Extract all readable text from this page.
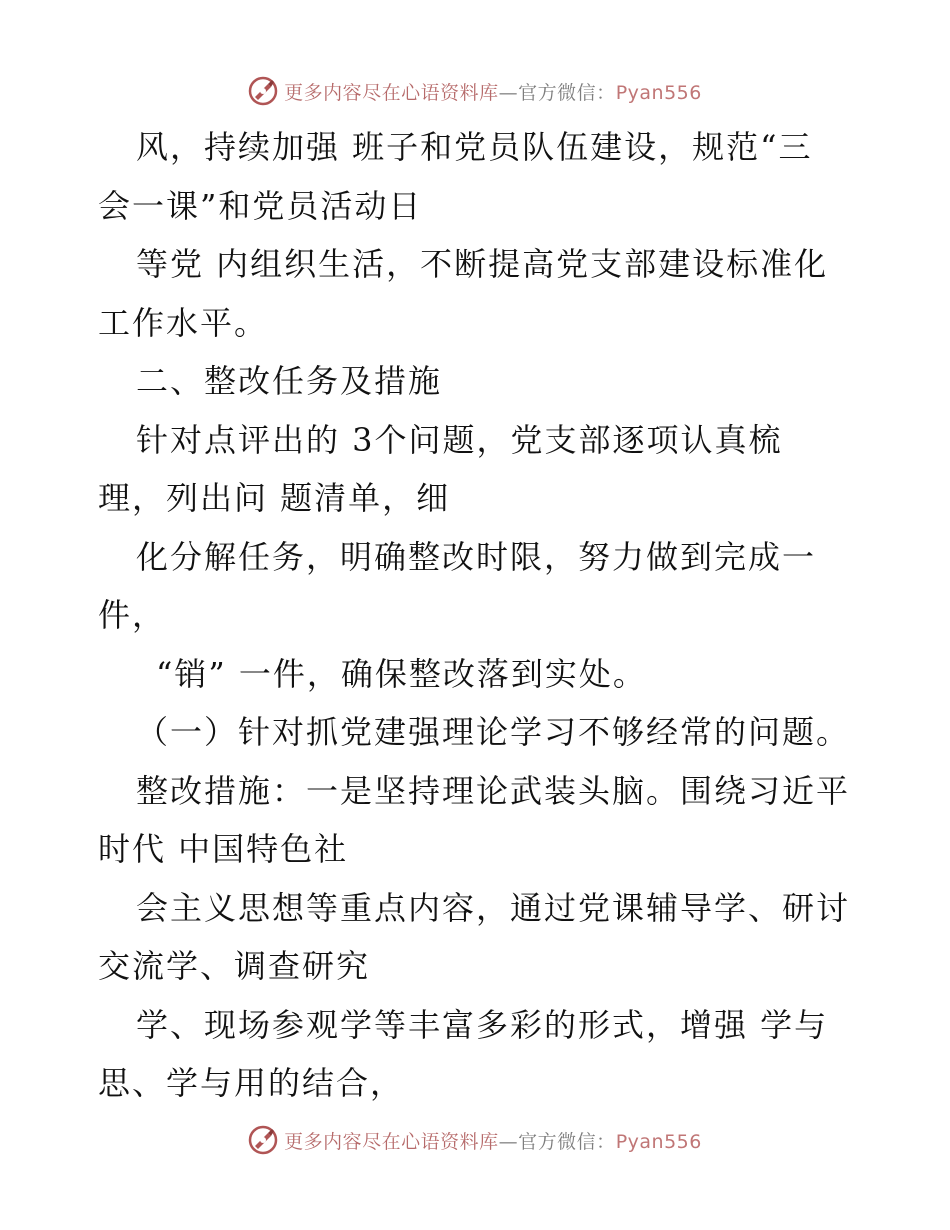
更多内容尽在心语资料库—官方微信：Pyan556
风，持续加强 班子和党员队伍建设，规范“三
会一课”和党员活动日
等党 内组织生活，不断提高党支部建设标准化
工作水平。
二、整改任务及措施
针对点评出的 3个问题，党支部逐项认真梳
理，列出问 题清单，细
化分解任务，明确整改时限，努力做到完成一
件，
“销” 一件，确保整改落到实处。
（一）针对抓党建强理论学习不够经常的问题。
整改措施：一是坚持理论武装头脑。围绕习近平
时代 中国特色社
会主义思想等重点内容，通过党课辅导学、研讨
交流学、调查研究
学、现场参观学等丰富多彩的形式，增强 学与
思、学与用的结合，
更多内容尽在心语资料库—官方微信：Pyan556
